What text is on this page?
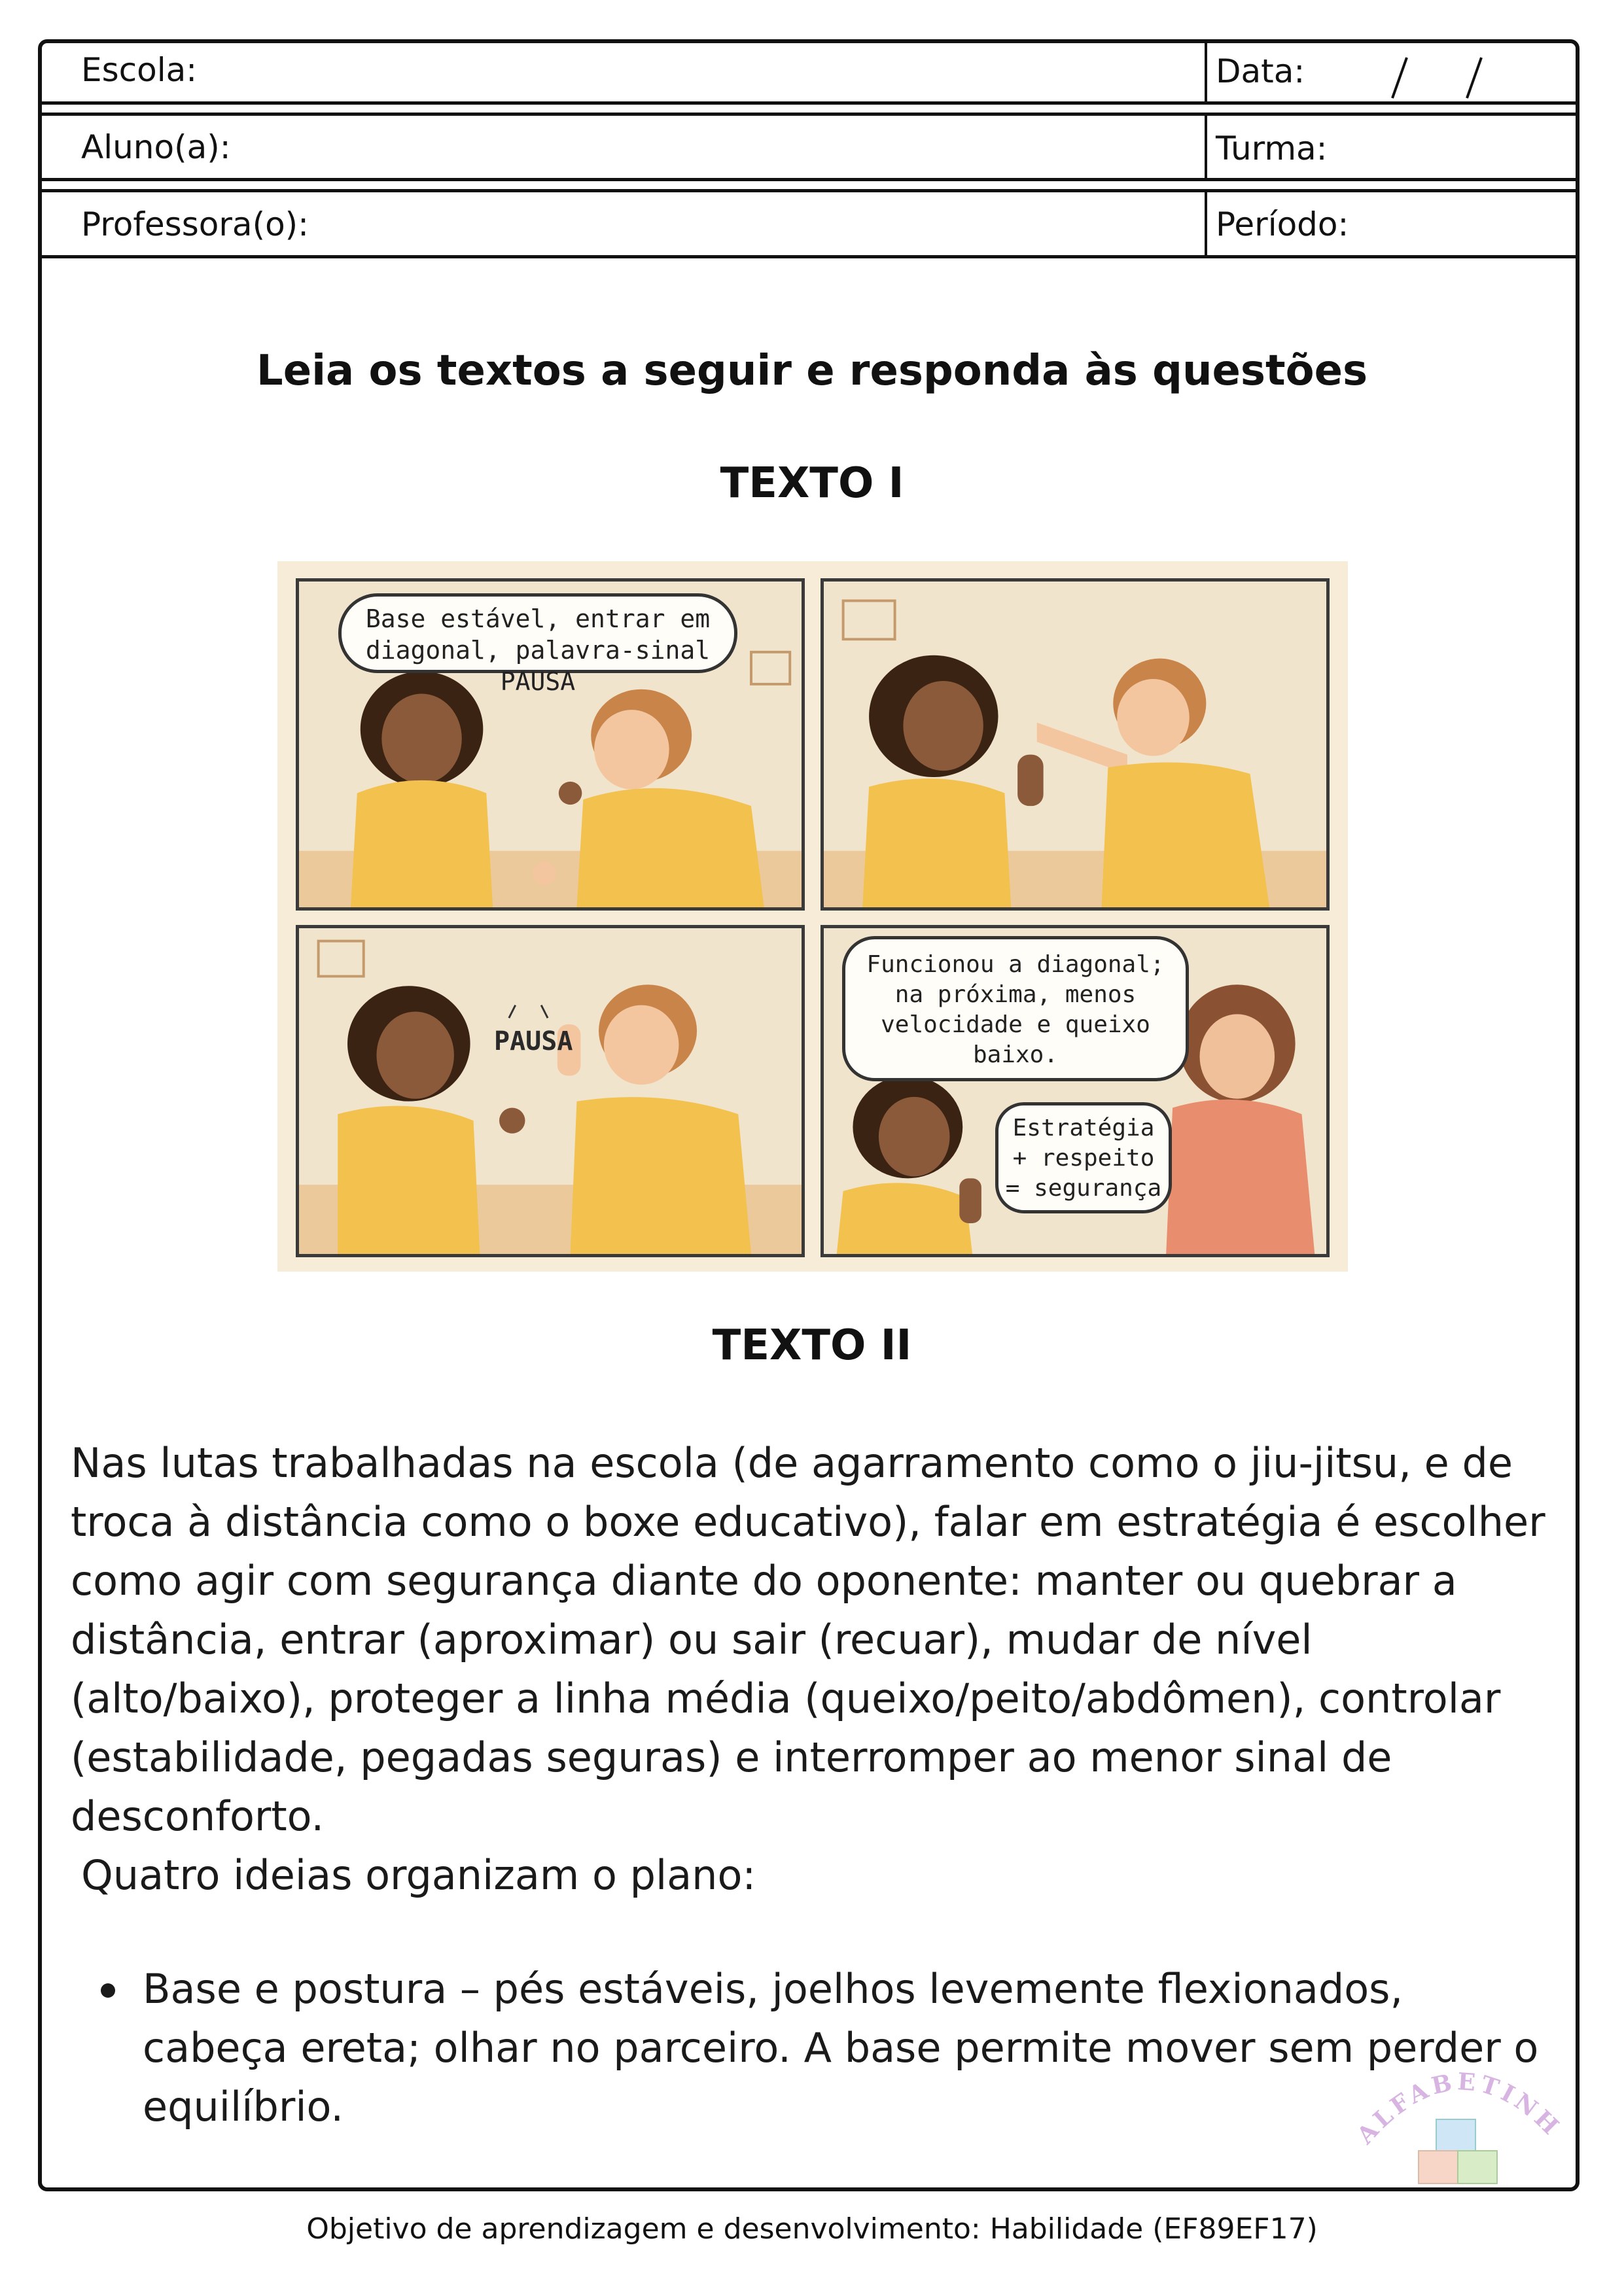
Escola:	Data:
Aluno(a):	Turma:
Professora(o):	Período:
Leia os textos a seguir e responda às questões
TEXTO I
Base estável, entrar em diagonal, palavra-sinal PAUSA
PAUSA
Funcionou a diagonal; na próxima, menos velocidade e queixo baixo.
Estratégia + respeito = segurança
TEXTO II
Nas lutas trabalhadas na escola (de agarramento como o jiu-jitsu, e de troca à distância como o boxe educativo), falar em estratégia é escolher como agir com segurança diante do oponente: manter ou quebrar a distância, entrar (aproximar) ou sair (recuar), mudar de nível (alto/baixo), proteger a linha média (queixo/peito/abdômen), controlar (estabilidade, pegadas seguras) e interromper ao menor sinal de desconforto.
Quatro ideias organizam o plano:
Base e postura – pés estáveis, joelhos levemente flexionados, cabeça ereta; olhar no parceiro. A base permite mover sem perder o equilíbrio.
ALFABETINH
Objetivo de aprendizagem e desenvolvimento: Habilidade (EF89EF17)
